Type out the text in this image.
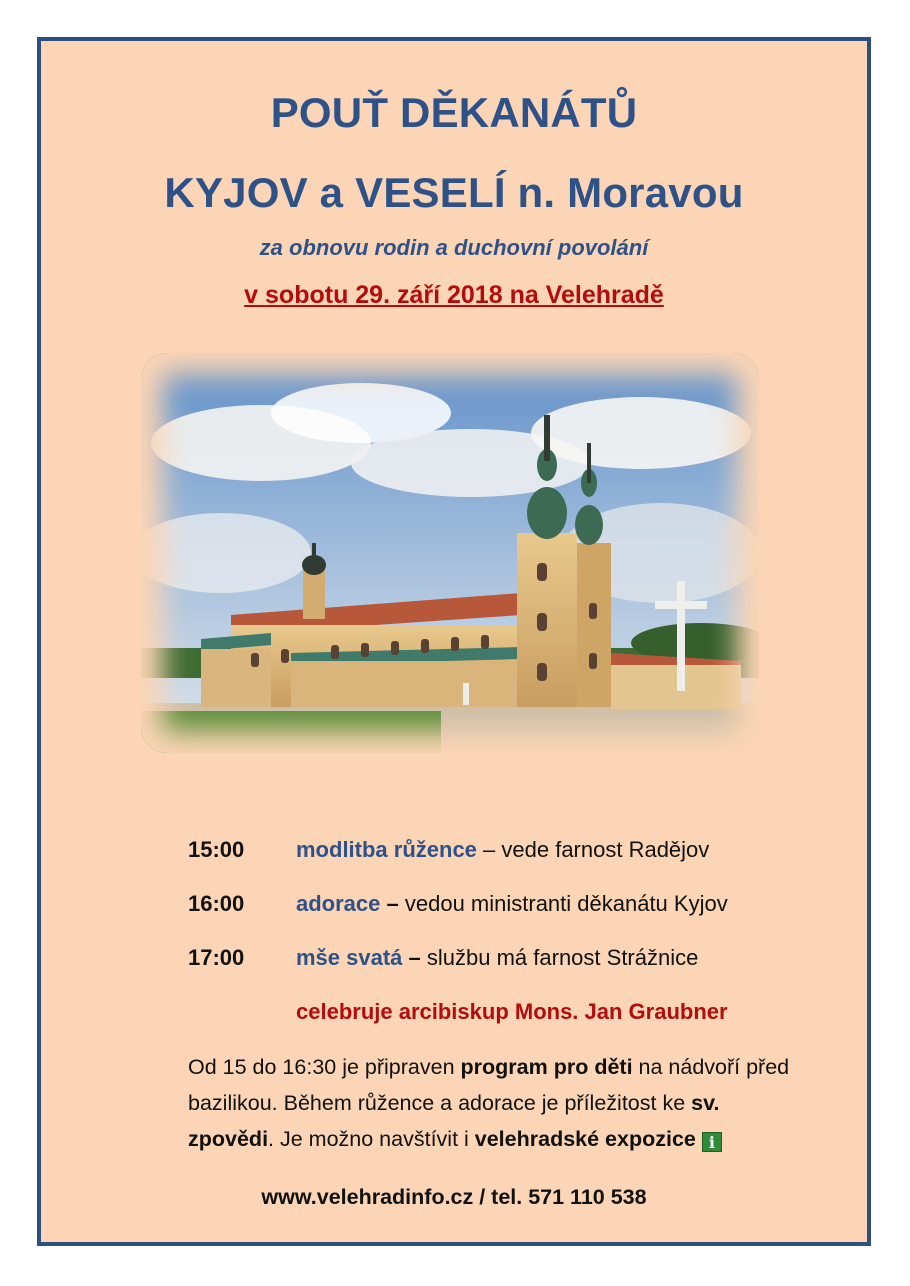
POUŤ DĚKANÁTŮ
KYJOV a VESELÍ n. Moravou
za obnovu rodin a duchovní povolání
v sobotu 29. září 2018 na Velehradě
15:00 modlitba růžence – vede farnost Radějov
16:00 adorace – vedou ministranti děkanátu Kyjov
17:00 mše svatá – službu má farnost Strážnice
celebruje arcibiskup Mons. Jan Graubner
Od 15 do 16:30 je připraven program pro děti na nádvoří před bazilikou. Během růžence a adorace je příležitost ke sv. zpovědi. Je možno navštívit i velehradské expozice i
www.velehradinfo.cz / tel. 571 110 538
